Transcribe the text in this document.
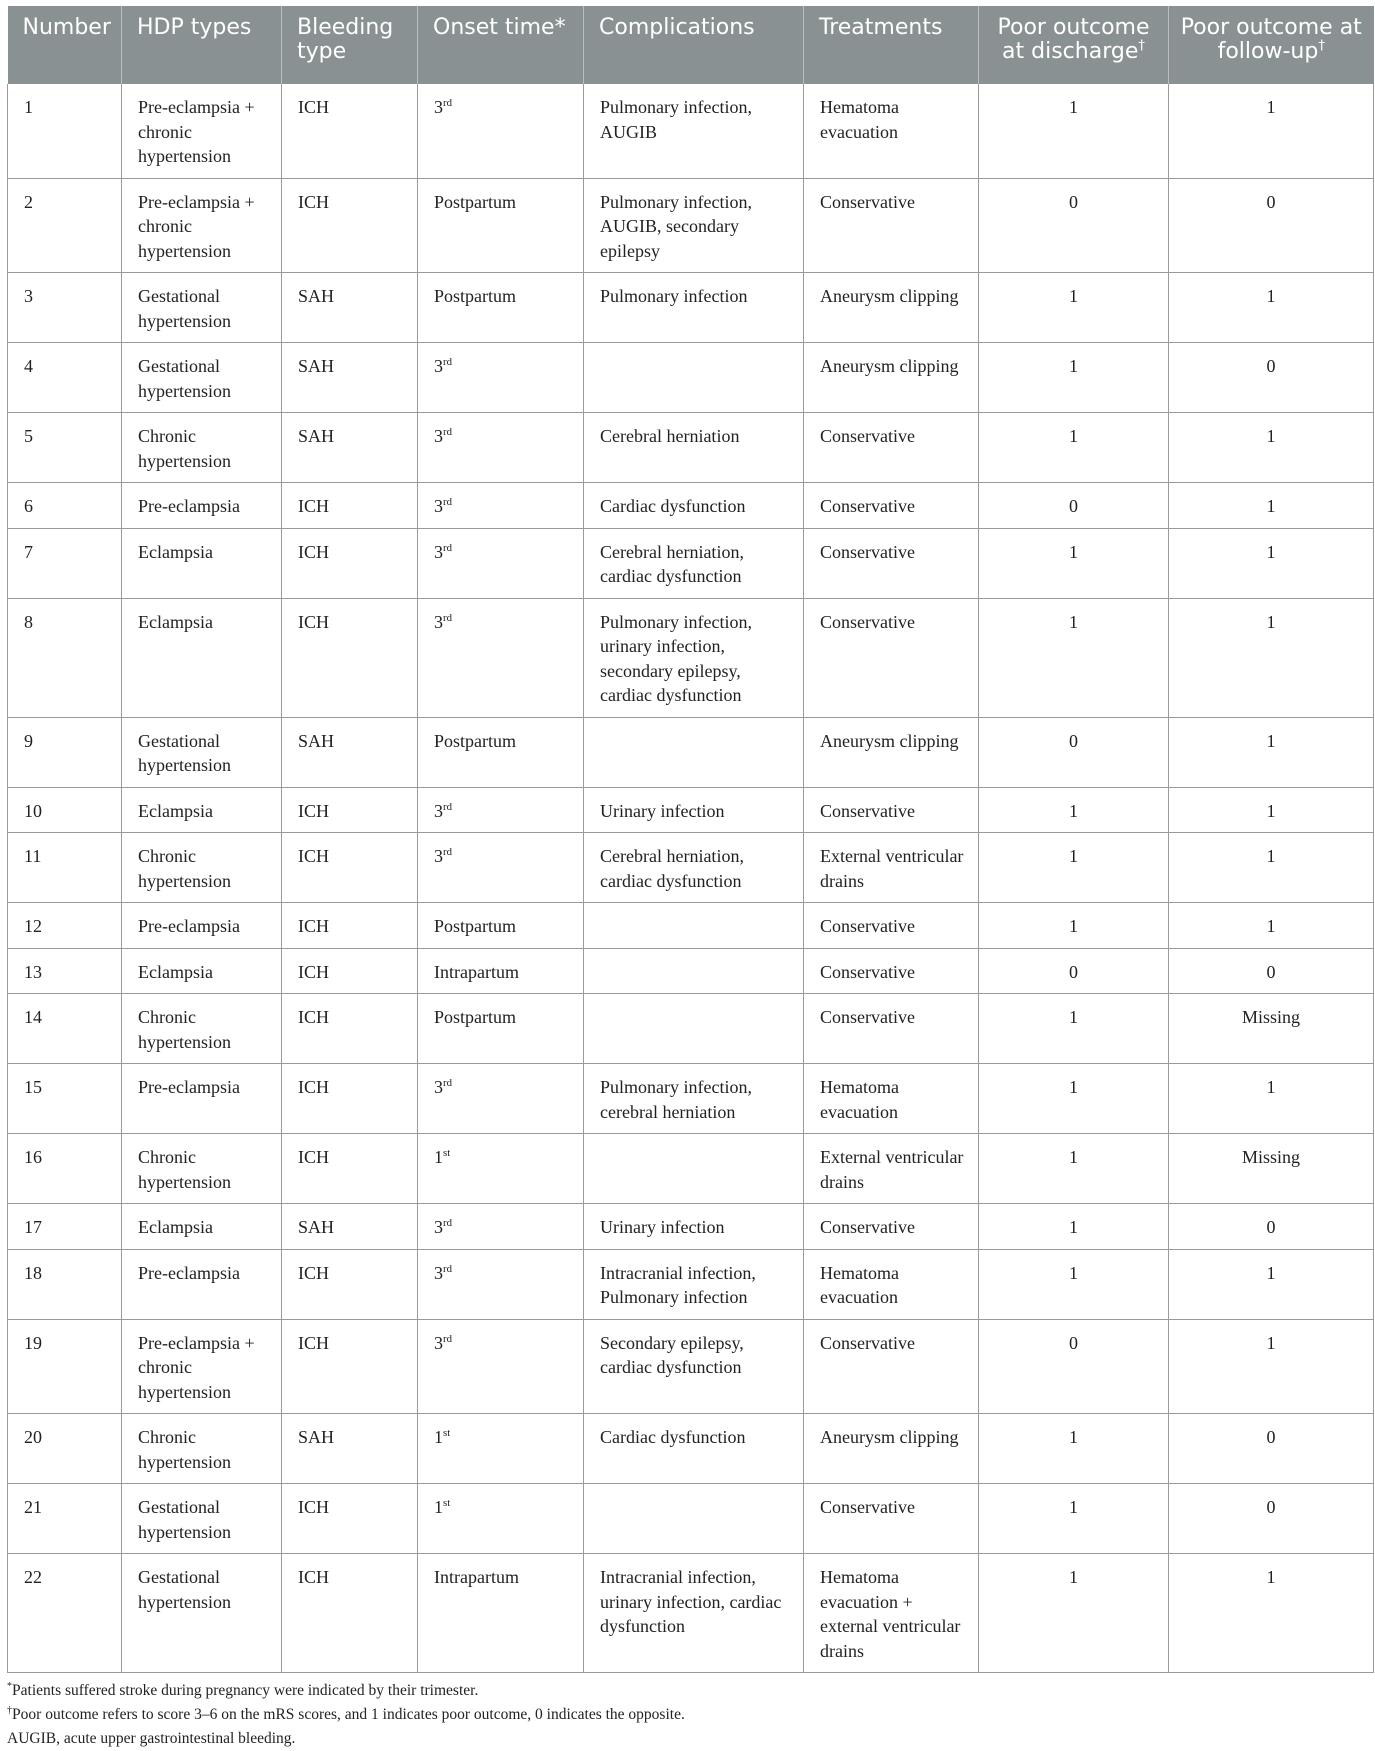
Number	HDP types	Bleeding type	Onset time*	Complications	Treatments	Poor outcome at discharge†	Poor outcome at follow-up†
1	Pre-eclampsia + chronic hypertension	ICH	3rd	Pulmonary infection, AUGIB	Hematoma evacuation	1	1
2	Pre-eclampsia + chronic hypertension	ICH	Postpartum	Pulmonary infection, AUGIB, secondary epilepsy	Conservative	0	0
3	Gestational hypertension	SAH	Postpartum	Pulmonary infection	Aneurysm clipping	1	1
4	Gestational hypertension	SAH	3rd		Aneurysm clipping	1	0
5	Chronic hypertension	SAH	3rd	Cerebral herniation	Conservative	1	1
6	Pre-eclampsia	ICH	3rd	Cardiac dysfunction	Conservative	0	1
7	Eclampsia	ICH	3rd	Cerebral herniation, cardiac dysfunction	Conservative	1	1
8	Eclampsia	ICH	3rd	Pulmonary infection, urinary infection, secondary epilepsy, cardiac dysfunction	Conservative	1	1
9	Gestational hypertension	SAH	Postpartum		Aneurysm clipping	0	1
10	Eclampsia	ICH	3rd	Urinary infection	Conservative	1	1
11	Chronic hypertension	ICH	3rd	Cerebral herniation, cardiac dysfunction	External ventricular drains	1	1
12	Pre-eclampsia	ICH	Postpartum		Conservative	1	1
13	Eclampsia	ICH	Intrapartum		Conservative	0	0
14	Chronic hypertension	ICH	Postpartum		Conservative	1	Missing
15	Pre-eclampsia	ICH	3rd	Pulmonary infection, cerebral herniation	Hematoma evacuation	1	1
16	Chronic hypertension	ICH	1st		External ventricular drains	1	Missing
17	Eclampsia	SAH	3rd	Urinary infection	Conservative	1	0
18	Pre-eclampsia	ICH	3rd	Intracranial infection, Pulmonary infection	Hematoma evacuation	1	1
19	Pre-eclampsia + chronic hypertension	ICH	3rd	Secondary epilepsy, cardiac dysfunction	Conservative	0	1
20	Chronic hypertension	SAH	1st	Cardiac dysfunction	Aneurysm clipping	1	0
21	Gestational hypertension	ICH	1st		Conservative	1	0
22	Gestational hypertension	ICH	Intrapartum	Intracranial infection, urinary infection, cardiac dysfunction	Hematoma evacuation + external ventricular drains	1	1
*Patients suffered stroke during pregnancy were indicated by their trimester.
†Poor outcome refers to score 3–6 on the mRS scores, and 1 indicates poor outcome, 0 indicates the opposite.
AUGIB, acute upper gastrointestinal bleeding.
